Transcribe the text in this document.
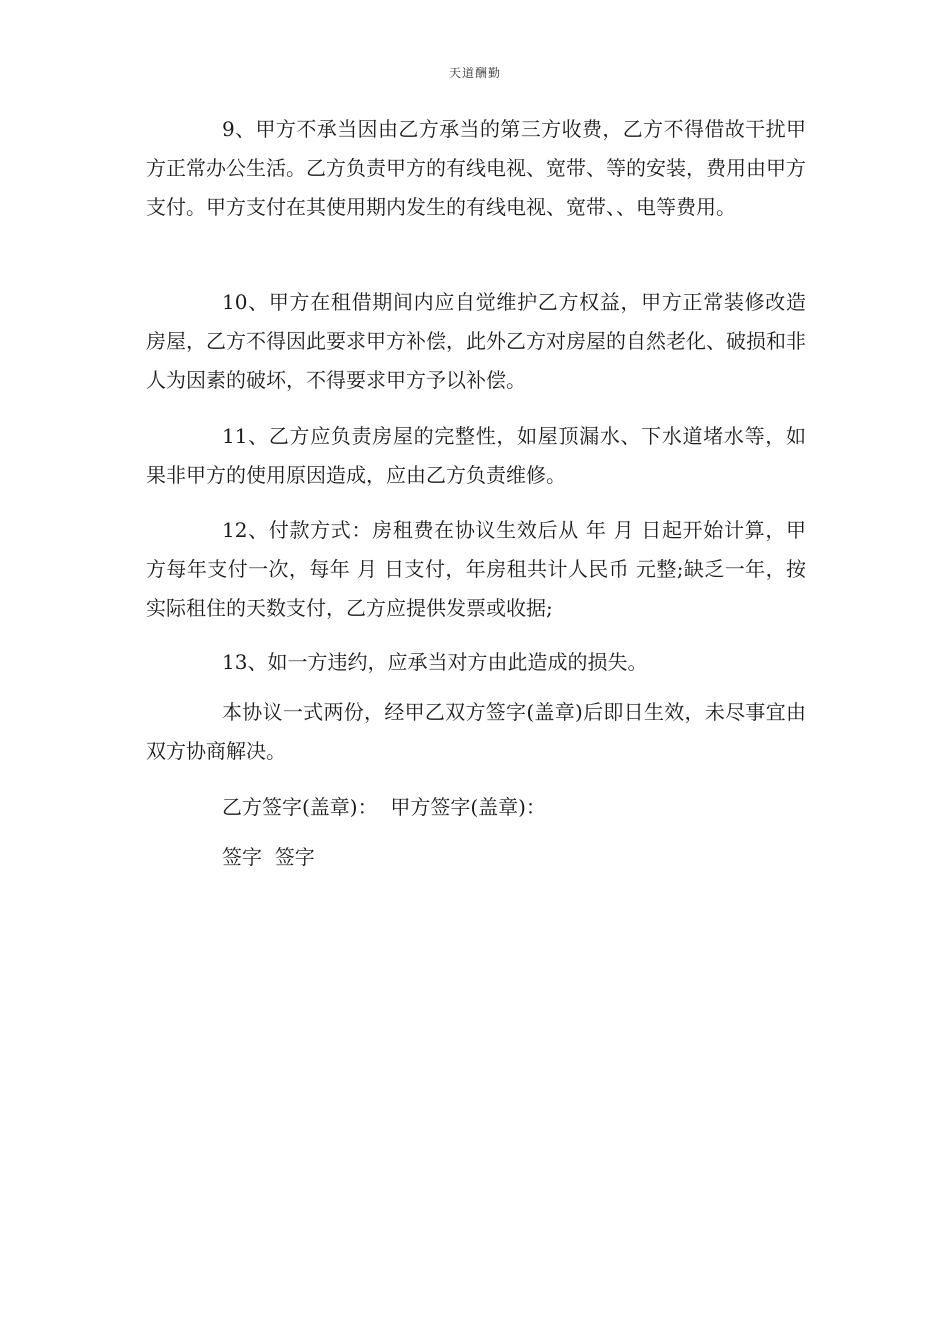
天道酬勤
9、甲方不承当因由乙方承当的第三方收费，乙方不得借故干扰甲方正常办公生活。乙方负责甲方的有线电视、宽带、等的安装，费用由甲方支付。甲方支付在其使用期内发生的有线电视、宽带、、电等费用。
10、甲方在租借期间内应自觉维护乙方权益，甲方正常装修改造房屋，乙方不得因此要求甲方补偿，此外乙方对房屋的自然老化、破损和非人为因素的破坏，不得要求甲方予以补偿。
11、乙方应负责房屋的完整性，如屋顶漏水、下水道堵水等，如果非甲方的使用原因造成，应由乙方负责维修。
12、付款方式：房租费在协议生效后从 年 月 日起开始计算，甲方每年支付一次，每年 月 日支付，年房租共计人民币 元整;缺乏一年，按实际租住的天数支付，乙方应提供发票或收据;
13、如一方违约，应承当对方由此造成的损失。
本协议一式两份，经甲乙双方签字(盖章)后即日生效，未尽事宜由双方协商解决。
乙方签字(盖章)：  甲方签字(盖章)：
签字  签字
